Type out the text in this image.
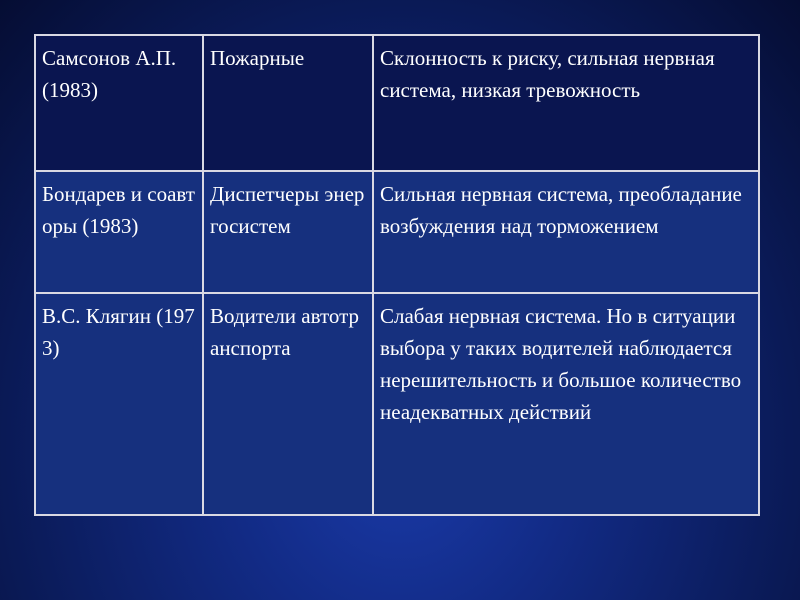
Самсонов А.П. (1983)	Пожарные	Склонность к риску, сильная нервная система, низкая тревожность
Бондарев и соавторы (1983)	Диспетчеры энергосистем	Сильная нервная система, преобладание возбуждения над торможением
В.С. Клягин (1973)	Водители автотранспорта	Слабая нервная система. Но в ситуации выбора у таких водителей наблюдается нерешительность и большое количество неадекватных действий
